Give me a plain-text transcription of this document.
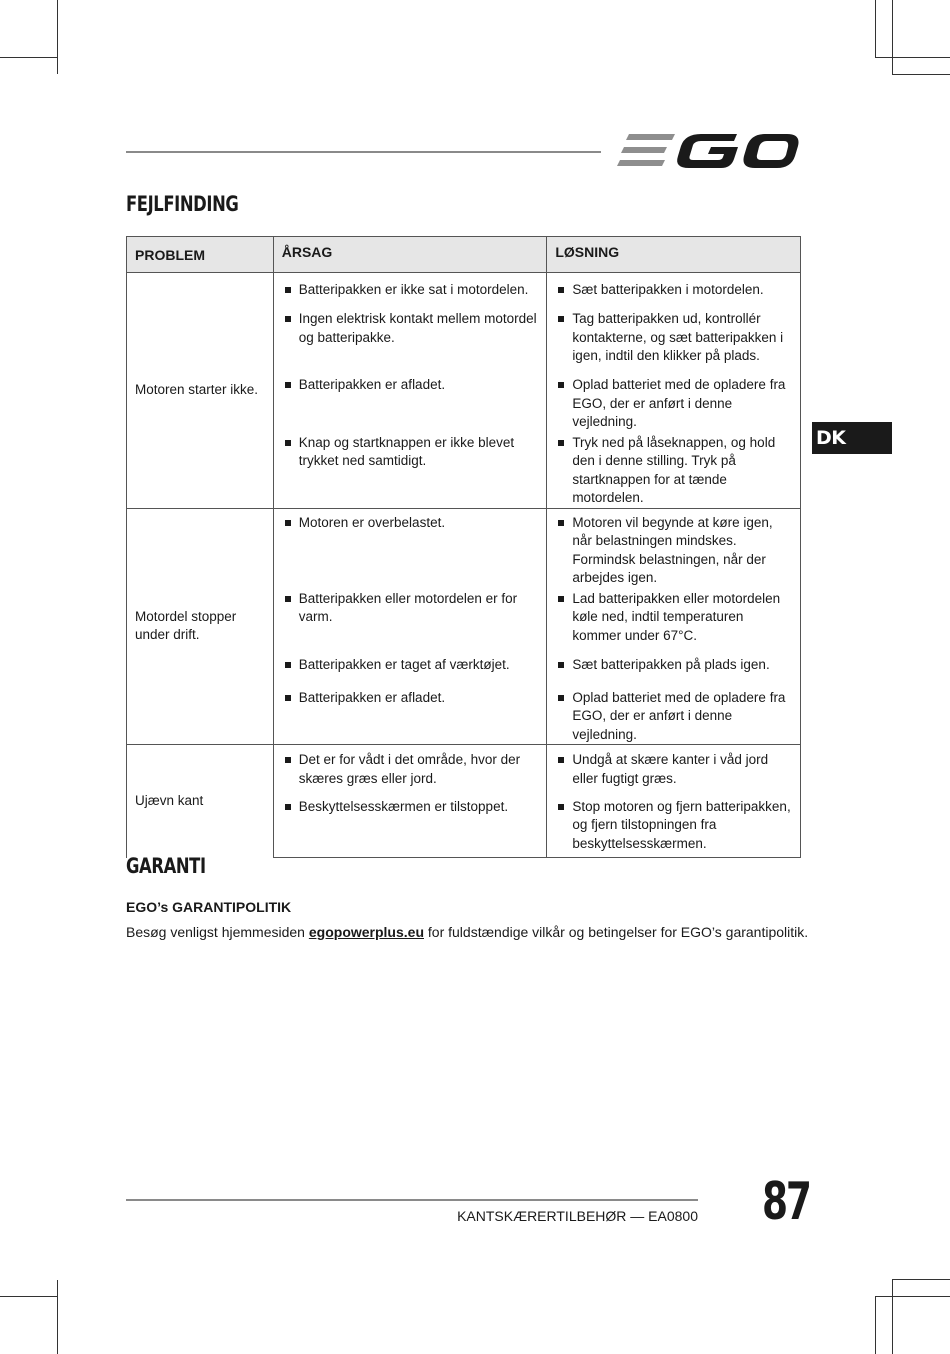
FEJLFINDING
DK
PROBLEM	ÅRSAG	LØSNING
Motoren starter ikke.	Batteripakken er ikke sat i motordelen.	Sæt batteripakken i motordelen.

	Ingen elektrisk kontakt mellem motordel og batteripakke.	Tag batteripakken ud, kontrollér kontakterne, og sæt batteripakken i igen, indtil den klikker på plads.

	Batteripakken er afladet.	Oplad batteriet med de opladere fra EGO, der er anført i denne vejledning.

	Knap og startknappen er ikke blevet trykket ned samtidigt.	Tryk ned på låseknappen, og hold den i denne stilling. Tryk på startknappen for at tænde motordelen.

Motordel stopper under drift.	Motoren er overbelastet.	Motoren vil begynde at køre igen, når belastningen mindskes. Formindsk belastningen, når der arbejdes igen.

	Batteripakken eller motordelen er for varm.	Lad batteripakken eller motordelen køle ned, indtil temperaturen kommer under 67°C.

	Batteripakken er taget af værktøjet.	Sæt batteripakken på plads igen.

	Batteripakken er afladet.	Oplad batteriet med de opladere fra EGO, der er anført i denne vejledning.

Ujævn kant	Det er for vådt i det område, hvor der skæres græs eller jord.	Undgå at skære kanter i våd jord eller fugtigt græs.

	Beskyttelsesskærmen er tilstoppet.	Stop motoren og fjern batteripakken, og fjern tilstopningen fra beskyttelsesskærmen.
GARANTI

EGO’s GARANTIPOLITIK

Besøg venligst hjemmesiden egopowerplus.eu for fuldstændige vilkår og betingelser for EGO’s garantipolitik.

KANTSKÆRERTILBEHØR — EA0800 87
